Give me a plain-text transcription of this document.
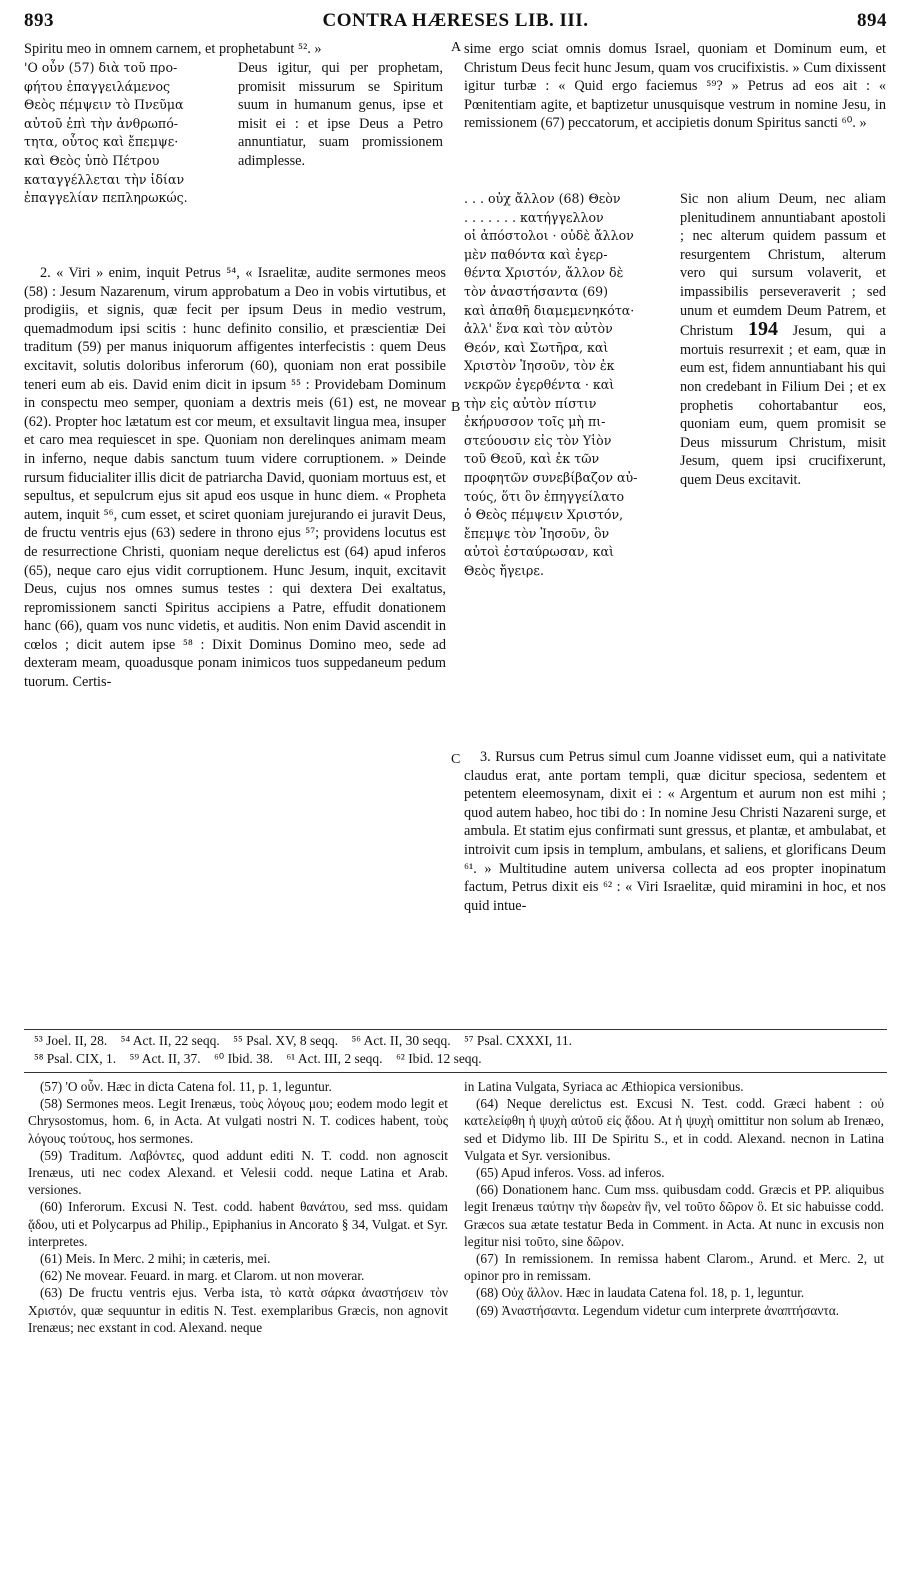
893	CONTRA HÆRESES LIB. III.	894

Spiritu meo in omnem carnem, et prophetabunt ⁵². »

'Ο οὖν (57) διὰ τοῦ προ-
φήτου ἐπαγγειλάμενος
Θεὸς πέμψειν τὸ Πνεῦμα
αὐτοῦ ἐπὶ τὴν ἀνθρωπό-
τητα, οὗτος καὶ ἔπεμψε·
καὶ Θεὸς ὑπὸ Πέτρου
καταγγέλλεται τὴν ἰδίαν
ἐπαγγελίαν πεπληρωκώς.

Deus igitur, qui per prophetam, promisit missurum se Spiritum suum in humanum genus, ipse et misit ei : et ipse Deus a Petro annuntiatur, suam promissionem adimplesse.

2. « Viri » enim, inquit Petrus ⁵⁴, « Israelitæ, audite sermones meos (58) : Jesum Nazarenum, virum approbatum a Deo in vobis virtutibus, et prodigiis, et signis, quæ fecit per ipsum Deus in medio vestrum, quemadmodum ipsi scitis : hunc definito consilio, et præscientiæ Dei traditum (59) per manus iniquorum affigentes interfecistis : quem Deus excitavit, solutis doloribus inferorum (60), quoniam non erat possibile teneri eum ab eis. David enim dicit in ipsum ⁵⁵ : Providebam Dominum in conspectu meo semper, quoniam a dextris meis (61) est, ne movear (62). Propter hoc lætatum est cor meum, et exsultavit lingua mea, insuper et caro mea requiescet in spe. Quoniam non derelinques animam meam in inferno, neque dabis sanctum tuum videre corruptionem. » Deinde rursum fiducialiter illis dicit de patriarcha David, quoniam mortuus est, et sepultus, et sepulcrum ejus sit apud eos usque in hunc diem. « Propheta autem, inquit ⁵⁶, cum esset, et sciret quoniam jurejurando ei juravit Deus, de fructu ventris ejus (63) sedere in throno ejus ⁵⁷; providens locutus est de resurrectione Christi, quoniam neque derelictus est (64) apud inferos (65), neque caro ejus vidit corruptionem. Hunc Jesum, inquit, excitavit Deus, cujus nos omnes sumus testes : qui dextera Dei exaltatus, repromissionem sancti Spiritus accipiens a Patre, effudit donationem hanc (66), quam vos nunc videtis, et auditis. Non enim David ascendit in cœlos ; dicit autem ipse ⁵⁸ : Dixit Dominus Domino meo, sede ad dexteram meam, quoadusque ponam inimicos tuos suppedaneum pedum tuorum. Certis-

A
B
C

sime ergo sciat omnis domus Israel, quoniam et Dominum eum, et Christum Deus fecit hunc Jesum, quam vos crucifixistis. » Cum dixissent igitur turbæ : « Quid ergo faciemus ⁵⁹? » Petrus ad eos ait : « Pœnitentiam agite, et baptizetur unusquisque vestrum in nomine Jesu, in remissionem (67) peccatorum, et accipietis donum Spiritus sancti ⁶⁰. »

. . . οὐχ ἄλλον (68) Θεὸν
. . . . . . . κατήγγελλον
οἱ ἀπόστολοι · οὐδὲ ἄλλον
μὲν παθόντα καὶ ἐγερ-
θέντα Χριστόν, ἄλλον δὲ
τὸν ἀναστήσαντα (69)
καὶ ἀπαθῆ διαμεμενηκότα·
ἀλλ' ἕνα καὶ τὸν αὐτὸν
Θεόν, καὶ Σωτῆρα, καὶ
Χριστὸν Ἰησοῦν, τὸν ἐκ
νεκρῶν ἐγερθέντα · καὶ
τὴν εἰς αὐτὸν πίστιν
ἐκήρυσσον τοῖς μὴ πι-
στεύουσιν εἰς τὸν Υἱὸν
τοῦ Θεοῦ, καὶ ἐκ τῶν
προφητῶν συνεβίβαζον αὐ-
τούς, ὅτι ὃν ἐπηγγείλατο
ὁ Θεὸς πέμψειν Χριστόν,
ἔπεμψε τὸν Ἰησοῦν, ὃν
αὐτοὶ ἐσταύρωσαν, καὶ
Θεὸς ἤγειρε.

Sic non alium Deum, nec aliam plenitudinem annuntiabant apostoli ; nec alterum quidem passum et resurgentem Christum, alterum vero qui sursum volaverit, et impassibilis perseveraverit ; sed unum et eumdem Deum Patrem, et Christum 194 Jesum, qui a mortuis resurrexit ; et eam, quæ in eum est, fidem annuntiabant his qui non credebant in Filium Dei ; et ex prophetis cohortabantur eos, quoniam eum, quem promisit se Deus missurum Christum, misit Jesum, quem ipsi crucifixerunt, quem Deus excitavit.

3. Rursus cum Petrus simul cum Joanne vidisset eum, qui a nativitate claudus erat, ante portam templi, quæ dicitur speciosa, sedentem et petentem eleemosynam, dixit ei : « Argentum et aurum non est mihi ; quod autem habeo, hoc tibi do : In nomine Jesu Christi Nazareni surge, et ambula. Et statim ejus confirmati sunt gressus, et plantæ, et ambulabat, et introivit cum ipsis in templum, ambulans, et saliens, et glorificans Deum ⁶¹. » Multitudine autem universa collecta ad eos propter inopinatum factum, Petrus dixit eis ⁶² : « Viri Israelitæ, quid miramini in hoc, et nos quid intue-

⁵³ Joel. II, 28. ⁵⁴ Act. II, 22 seqq. ⁵⁵ Psal. XV, 8 seqq. ⁵⁶ Act. II, 30 seqq. ⁵⁷ Psal. CXXXI, 11.
⁵⁸ Psal. CIX, 1. ⁵⁹ Act. II, 37. ⁶⁰ Ibid. 38. ⁶¹ Act. III, 2 seqq. ⁶² Ibid. 12 seqq.

(57) 'Ο οὖν. Hæc in dicta Catena fol. 11, p. 1, leguntur.

(58) Sermones meos. Legit Irenæus, τοὺς λόγους μου; eodem modo legit et Chrysostomus, hom. 6, in Acta. At vulgati nostri N. T. codices habent, τοὺς λόγους τούτους, hos sermones.

(59) Traditum. Λαβόντες, quod addunt editi N. T. codd. non agnoscit Irenæus, uti nec codex Alexand. et Velesii codd. neque Latina et Arab. versiones.

(60) Inferorum. Excusi N. Test. codd. habent θανάτου, sed mss. quidam ᾅδου, uti et Polycarpus ad Philip., Epiphanius in Ancorato § 34, Vulgat. et Syr. interpretes.

(61) Meis. In Merc. 2 mihi; in cæteris, mei.

(62) Ne movear. Feuard. in marg. et Clarom. ut non moverar.

(63) De fructu ventris ejus. Verba ista, τὸ κατὰ σάρκα ἀναστήσειν τὸν Χριστόν, quæ sequuntur in editis N. Test. exemplaribus Græcis, non agnovit Irenæus; nec exstant in cod. Alexand. neque

in Latina Vulgata, Syriaca ac Æthiopica versionibus.

(64) Neque derelictus est. Excusi N. Test. codd. Græci habent : οὐ κατελείφθη ἡ ψυχὴ αὐτοῦ εἰς ᾅδου. At ἡ ψυχὴ omittitur non solum ab Irenæo, sed et Didymo lib. III De Spiritu S., et in codd. Alexand. necnon in Latina Vulgata et Syr. versionibus.

(65) Apud inferos. Voss. ad inferos.

(66) Donationem hanc. Cum mss. quibusdam codd. Græcis et PP. aliquibus legit Irenæus ταύτην τὴν δωρεὰν ἣν, vel τοῦτο δῶρον ὃ. Et sic habuisse codd. Græcos sua ætate testatur Beda in Comment. in Acta. At nunc in excusis non legitur nisi τοῦτο, sine δῶρον.

(67) In remissionem. In remissa habent Clarom., Arund. et Merc. 2, ut opinor pro in remissam.

(68) Οὐχ ἄλλον. Hæc in laudata Catena fol. 18, p. 1, leguntur.

(69) Ἀναστήσαντα. Legendum videtur cum interprete ἀναπτήσαντα.
